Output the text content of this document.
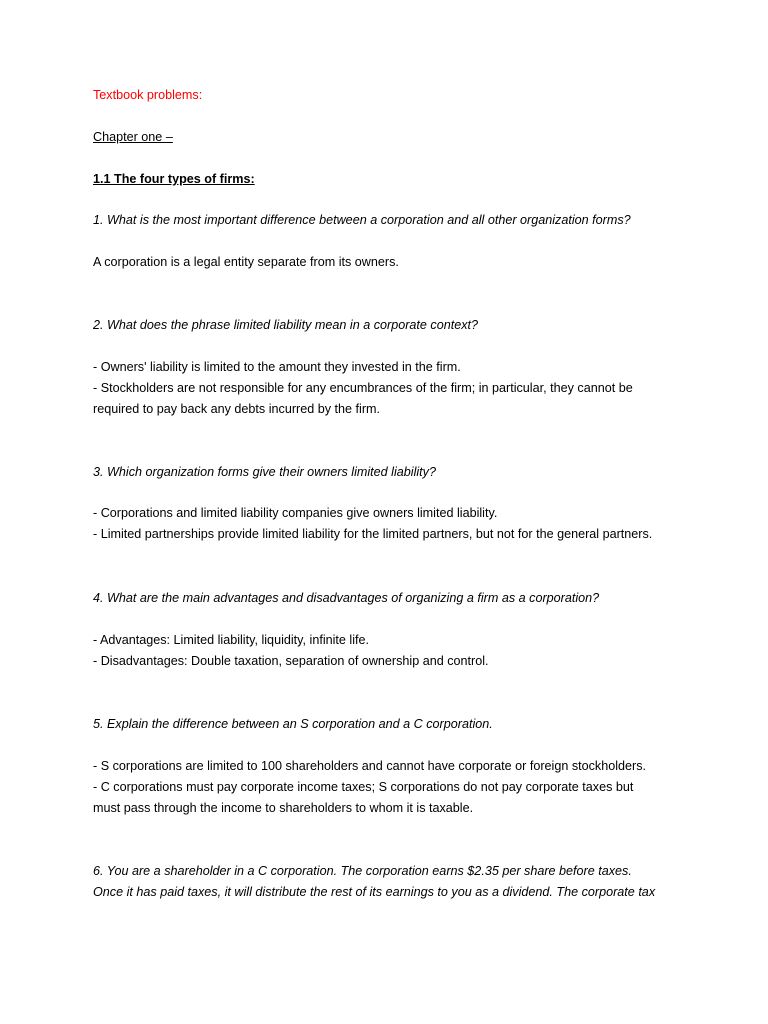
Textbook problems:
Chapter one –
1.1 The four types of firms:
1. What is the most important difference between a corporation and all other organization forms?
A corporation is a legal entity separate from its owners.
2. What does the phrase limited liability mean in a corporate context?
- Owners' liability is limited to the amount they invested in the firm.
- Stockholders are not responsible for any encumbrances of the firm; in particular, they cannot be
required to pay back any debts incurred by the firm.
3. Which organization forms give their owners limited liability?
- Corporations and limited liability companies give owners limited liability.
- Limited partnerships provide limited liability for the limited partners, but not for the general partners.
4. What are the main advantages and disadvantages of organizing a firm as a corporation?
- Advantages: Limited liability, liquidity, infinite life.
- Disadvantages: Double taxation, separation of ownership and control.
5. Explain the difference between an S corporation and a C corporation.
- S corporations are limited to 100 shareholders and cannot have corporate or foreign stockholders.
- C corporations must pay corporate income taxes; S corporations do not pay corporate taxes but
must pass through the income to shareholders to whom it is taxable.
6. You are a shareholder in a C corporation. The corporation earns $2.35 per share before taxes.
Once it has paid taxes, it will distribute the rest of its earnings to you as a dividend. The corporate tax
